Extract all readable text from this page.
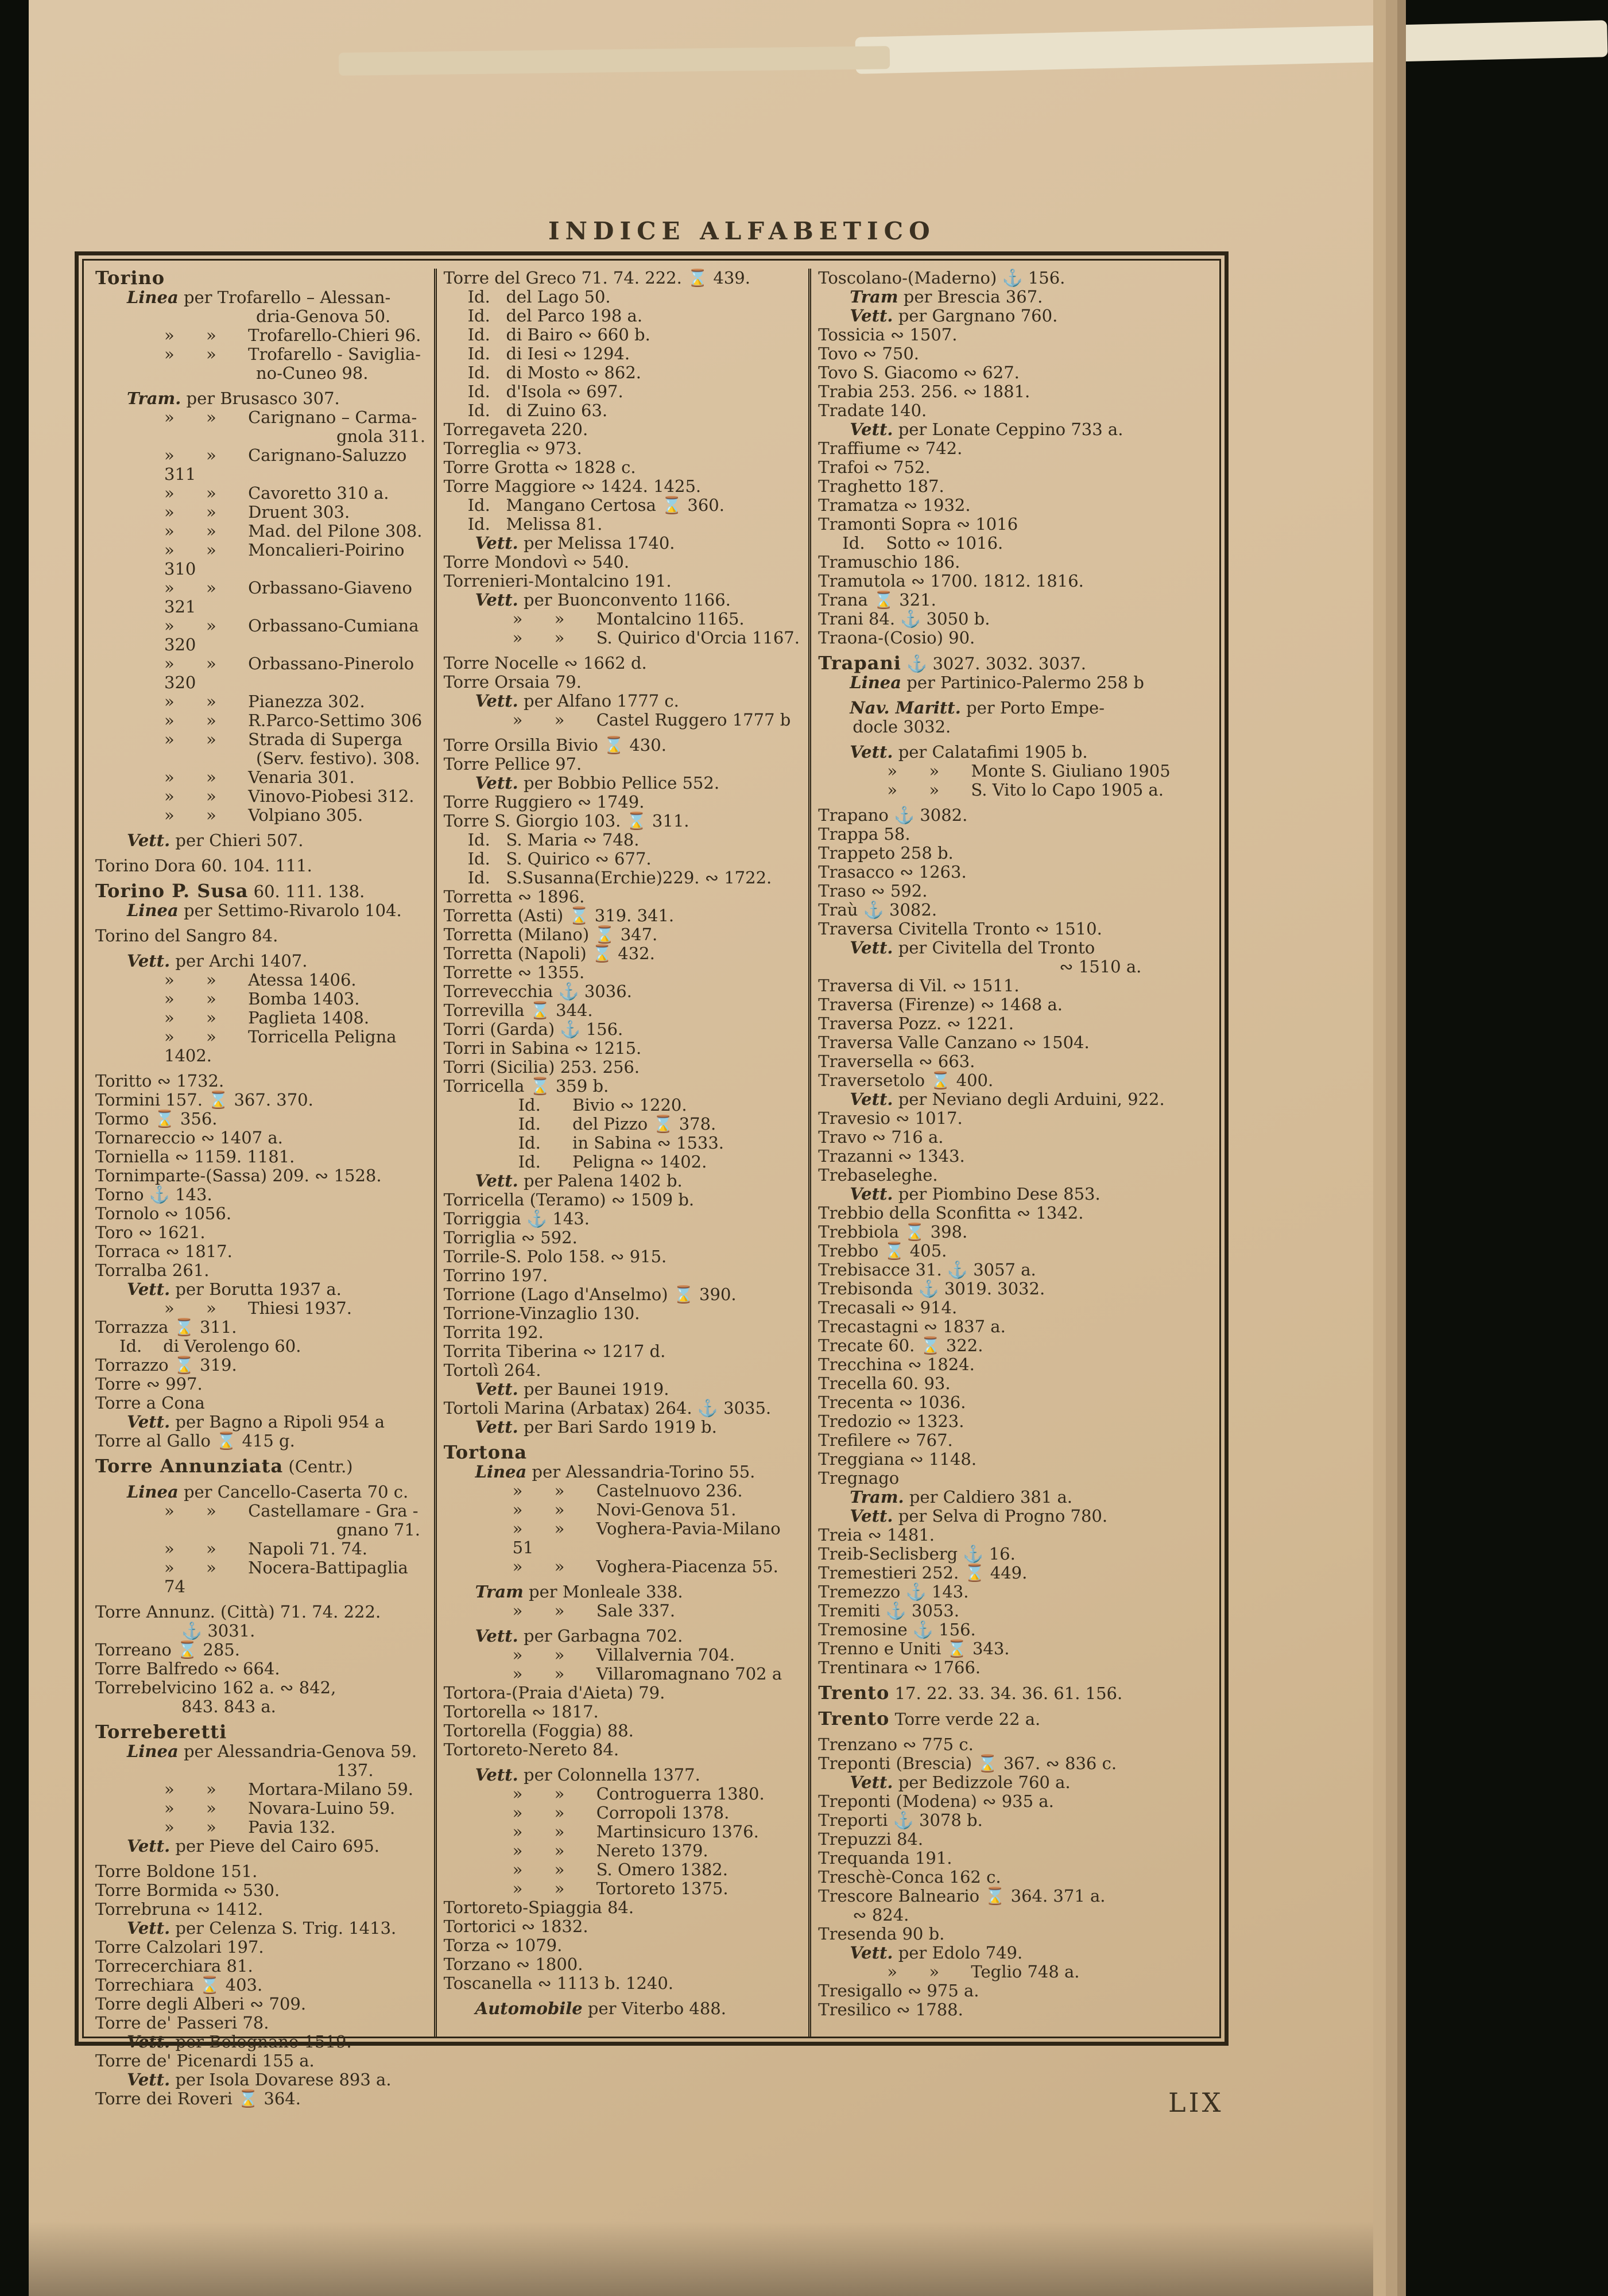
INDICE ALFABETICO
Torino
Linea per Trofarello – Alessan-
dria-Genova 50.
»      »      Trofarello-Chieri 96.
»      »      Trofarello - Saviglia-
no-Cuneo 98.
Tram. per Brusasco 307.
»      »      Carignano – Carma-
gnola 311.
»      »      Carignano-Saluzzo 311
»      »      Cavoretto 310 a.
»      »      Druent 303.
»      »      Mad. del Pilone 308.
»      »      Moncalieri-Poirino 310
»      »      Orbassano-Giaveno 321
»      »      Orbassano-Cumiana 320
»      »      Orbassano-Pinerolo 320
»      »      Pianezza 302.
»      »      R.Parco-Settimo 306
»      »      Strada di Superga
(Serv. festivo). 308.
»      »      Venaria 301.
»      »      Vinovo-Piobesi 312.
»      »      Volpiano 305.
Vett. per Chieri 507.
Torino Dora 60. 104. 111.
Torino P. Susa 60. 111. 138.
Linea per Settimo-Rivarolo 104.
Torino del Sangro 84.
Vett. per Archi 1407.
»      »      Atessa 1406.
»      »      Bomba 1403.
»      »      Paglieta 1408.
»      »      Torricella Peligna 1402.
Toritto ∾ 1732.
Tormini 157. ⌛ 367. 370.
Tormo ⌛ 356.
Tornareccio ∾ 1407 a.
Torniella ∾ 1159. 1181.
Tornimparte-(Sassa) 209. ∾ 1528.
Torno ⚓ 143.
Tornolo ∾ 1056.
Toro ∾ 1621.
Torraca ∾ 1817.
Torralba 261.
Vett. per Borutta 1937 a.
»      »      Thiesi 1937.
Torrazza ⌛ 311.
Id.    di Verolengo 60.
Torrazzo ⌛ 319.
Torre ∾ 997.
Torre a Cona
Vett. per Bagno a Ripoli 954 a
Torre al Gallo ⌛ 415 g.
Torre Annunziata (Centr.)
Linea per Cancello-Caserta 70 c.
»      »      Castellamare - Gra -
gnano 71.
»      »      Napoli 71. 74.
»      »      Nocera-Battipaglia 74
Torre Annunz. (Città) 71. 74. 222.
⚓ 3031.
Torreano ⌛ 285.
Torre Balfredo ∾ 664.
Torrebelvicino 162 a. ∾ 842,
843. 843 a.
Torreberetti
Linea per Alessandria-Genova 59.
137.
»      »      Mortara-Milano 59.
»      »      Novara-Luino 59.
»      »      Pavia 132.
Vett. per Pieve del Cairo 695.
Torre Boldone 151.
Torre Bormida ∾ 530.
Torrebruna ∾ 1412.
Vett. per Celenza S. Trig. 1413.
Torre Calzolari 197.
Torrecerchiara 81.
Torrechiara ⌛ 403.
Torre degli Alberi ∾ 709.
Torre de' Passeri 78.
Vett. per Bolognano 1519.
Torre de' Picenardi 155 a.
Vett. per Isola Dovarese 893 a.
Torre dei Roveri ⌛ 364.
Torre del Greco 71. 74. 222. ⌛ 439.
Id.   del Lago 50.
Id.   del Parco 198 a.
Id.   di Bairo ∾ 660 b.
Id.   di Iesi ∾ 1294.
Id.   di Mosto ∾ 862.
Id.   d'Isola ∾ 697.
Id.   di Zuino 63.
Torregaveta 220.
Torreglia ∾ 973.
Torre Grotta ∾ 1828 c.
Torre Maggiore ∾ 1424. 1425.
Id.   Mangano Certosa ⌛ 360.
Id.   Melissa 81.
Vett. per Melissa 1740.
Torre Mondovì ∾ 540.
Torrenieri-Montalcino 191.
Vett. per Buonconvento 1166.
»      »      Montalcino 1165.
»      »      S. Quirico d'Orcia 1167.
Torre Nocelle ∾ 1662 d.
Torre Orsaia 79.
Vett. per Alfano 1777 c.
»      »      Castel Ruggero 1777 b
Torre Orsilla Bivio ⌛ 430.
Torre Pellice 97.
Vett. per Bobbio Pellice 552.
Torre Ruggiero ∾ 1749.
Torre S. Giorgio 103. ⌛ 311.
Id.   S. Maria ∾ 748.
Id.   S. Quirico ∾ 677.
Id.   S.Susanna(Erchie)229. ∾ 1722.
Torretta ∾ 1896.
Torretta (Asti) ⌛ 319. 341.
Torretta (Milano) ⌛ 347.
Torretta (Napoli) ⌛ 432.
Torrette ∾ 1355.
Torrevecchia ⚓ 3036.
Torrevilla ⌛ 344.
Torri (Garda) ⚓ 156.
Torri in Sabina ∾ 1215.
Torri (Sicilia) 253. 256.
Torricella ⌛ 359 b.
Id.      Bivio ∾ 1220.
Id.      del Pizzo ⌛ 378.
Id.      in Sabina ∾ 1533.
Id.      Peligna ∾ 1402.
Vett. per Palena 1402 b.
Torricella (Teramo) ∾ 1509 b.
Torriggia ⚓ 143.
Torriglia ∾ 592.
Torrile-S. Polo 158. ∾ 915.
Torrino 197.
Torrione (Lago d'Anselmo) ⌛ 390.
Torrione-Vinzaglio 130.
Torrita 192.
Torrita Tiberina ∾ 1217 d.
Tortolì 264.
Vett. per Baunei 1919.
Tortoli Marina (Arbatax) 264. ⚓ 3035.
Vett. per Bari Sardo 1919 b.
Tortona
Linea per Alessandria-Torino 55.
»      »      Castelnuovo 236.
»      »      Novi-Genova 51.
»      »      Voghera-Pavia-Milano 51
»      »      Voghera-Piacenza 55.
Tram per Monleale 338.
»      »      Sale 337.
Vett. per Garbagna 702.
»      »      Villalvernia 704.
»      »      Villaromagnano 702 a
Tortora-(Praia d'Aieta) 79.
Tortorella ∾ 1817.
Tortorella (Foggia) 88.
Tortoreto-Nereto 84.
Vett. per Colonnella 1377.
»      »      Controguerra 1380.
»      »      Corropoli 1378.
»      »      Martinsicuro 1376.
»      »      Nereto 1379.
»      »      S. Omero 1382.
»      »      Tortoreto 1375.
Tortoreto-Spiaggia 84.
Tortorici ∾ 1832.
Torza ∾ 1079.
Torzano ∾ 1800.
Toscanella ∾ 1113 b. 1240.
Automobile per Viterbo 488.
Toscolano-(Maderno) ⚓ 156.
Tram per Brescia 367.
Vett. per Gargnano 760.
Tossicia ∾ 1507.
Tovo ∾ 750.
Tovo S. Giacomo ∾ 627.
Trabia 253. 256. ∾ 1881.
Tradate 140.
Vett. per Lonate Ceppino 733 a.
Traffiume ∾ 742.
Trafoi ∾ 752.
Traghetto 187.
Tramatza ∾ 1932.
Tramonti Sopra ∾ 1016
Id.    Sotto ∾ 1016.
Tramuschio 186.
Tramutola ∾ 1700. 1812. 1816.
Trana ⌛ 321.
Trani 84. ⚓ 3050 b.
Traona-(Cosio) 90.
Trapani ⚓ 3027. 3032. 3037.
Linea per Partinico-Palermo 258 b
Nav. Maritt. per Porto Empe-
docle 3032.
Vett. per Calatafimi 1905 b.
»      »      Monte S. Giuliano 1905
»      »      S. Vito lo Capo 1905 a.
Trapano ⚓ 3082.
Trappa 58.
Trappeto 258 b.
Trasacco ∾ 1263.
Traso ∾ 592.
Traù ⚓ 3082.
Traversa Civitella Tronto ∾ 1510.
Vett. per Civitella del Tronto
∾ 1510 a.
Traversa di Vil. ∾ 1511.
Traversa (Firenze) ∾ 1468 a.
Traversa Pozz. ∾ 1221.
Traversa Valle Canzano ∾ 1504.
Traversella ∾ 663.
Traversetolo ⌛ 400.
Vett. per Neviano degli Arduini, 922.
Travesio ∾ 1017.
Travo ∾ 716 a.
Trazanni ∾ 1343.
Trebaseleghe.
Vett. per Piombino Dese 853.
Trebbio della Sconfitta ∾ 1342.
Trebbiola ⌛ 398.
Trebbo ⌛ 405.
Trebisacce 31. ⚓ 3057 a.
Trebisonda ⚓ 3019. 3032.
Trecasali ∾ 914.
Trecastagni ∾ 1837 a.
Trecate 60. ⌛ 322.
Trecchina ∾ 1824.
Trecella 60. 93.
Trecenta ∾ 1036.
Tredozio ∾ 1323.
Trefilere ∾ 767.
Treggiana ∾ 1148.
Tregnago
Tram. per Caldiero 381 a.
Vett. per Selva di Progno 780.
Treia ∾ 1481.
Treib-Seclisberg ⚓ 16.
Tremestieri 252. ⌛ 449.
Tremezzo ⚓ 143.
Tremiti ⚓ 3053.
Tremosine ⚓ 156.
Trenno e Uniti ⌛ 343.
Trentinara ∾ 1766.
Trento 17. 22. 33. 34. 36. 61. 156.
Trento Torre verde 22 a.
Trenzano ∾ 775 c.
Treponti (Brescia) ⌛ 367. ∾ 836 c.
Vett. per Bedizzole 760 a.
Treponti (Modena) ∾ 935 a.
Treporti ⚓ 3078 b.
Trepuzzi 84.
Trequanda 191.
Treschè-Conca 162 c.
Trescore Balneario ⌛ 364. 371 a.
∾ 824.
Tresenda 90 b.
Vett. per Edolo 749.
»      »      Teglio 748 a.
Tresigallo ∾ 975 a.
Tresilico ∾ 1788.
LIX
